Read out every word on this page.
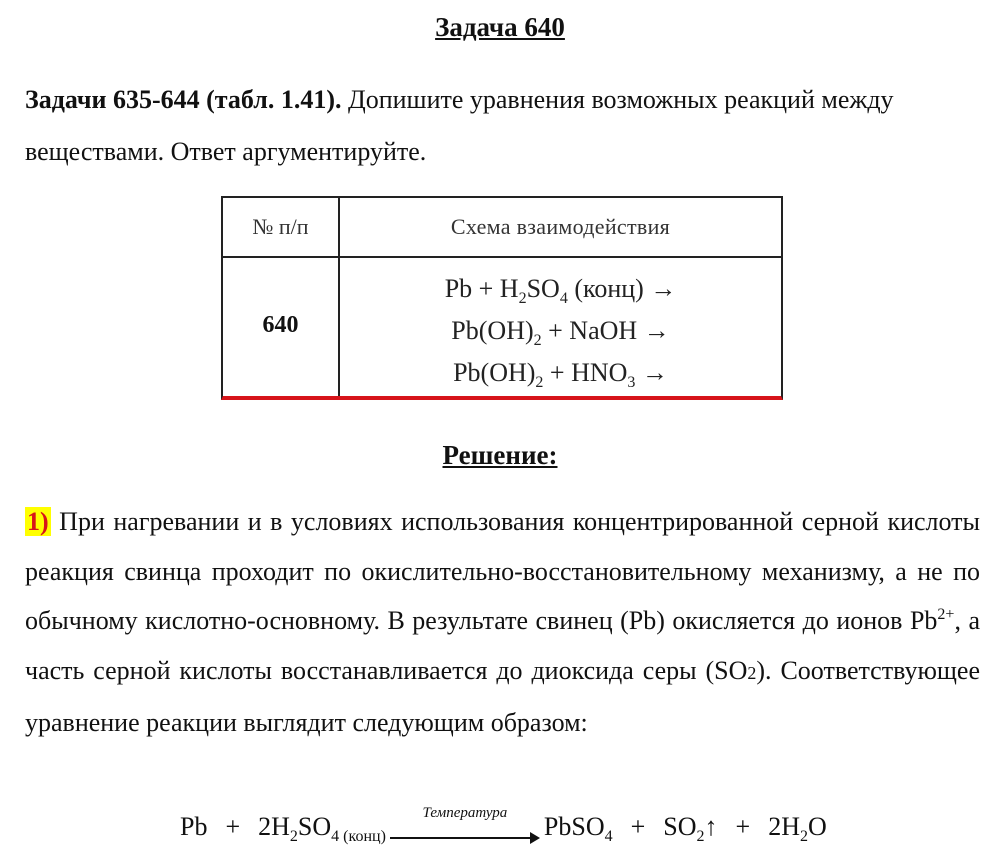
Задача 640
Задачи 635-644 (табл. 1.41). Допишите уравнения возможных реакций между веществами. Ответ аргументируйте.
№ п/п	Схема взаимодействия
640
$Pb + H_2SO_4$ (конц) →
$Pb(OH)_2$ + NaOH →
$Pb(OH)_2 + HNO_3$ →
Решение:
1) При нагревании и в условиях использования концентрированной серной кислоты реакция свинца проходит по окислительно-восстановительному механизму, а не по обычному кислотно-основному. В результате свинец (Pb) окисляется до ионов $Pb^{2+}$, а часть серной кислоты восстанавливается до диоксида серы (SO2). Соответствующее уравнение реакции выглядит следующим образом:
$Pb + 2H_2SO_{4 (конц)}$
Температура	PbSO$_4$ + $SO_2↑ + 2H_2O$
